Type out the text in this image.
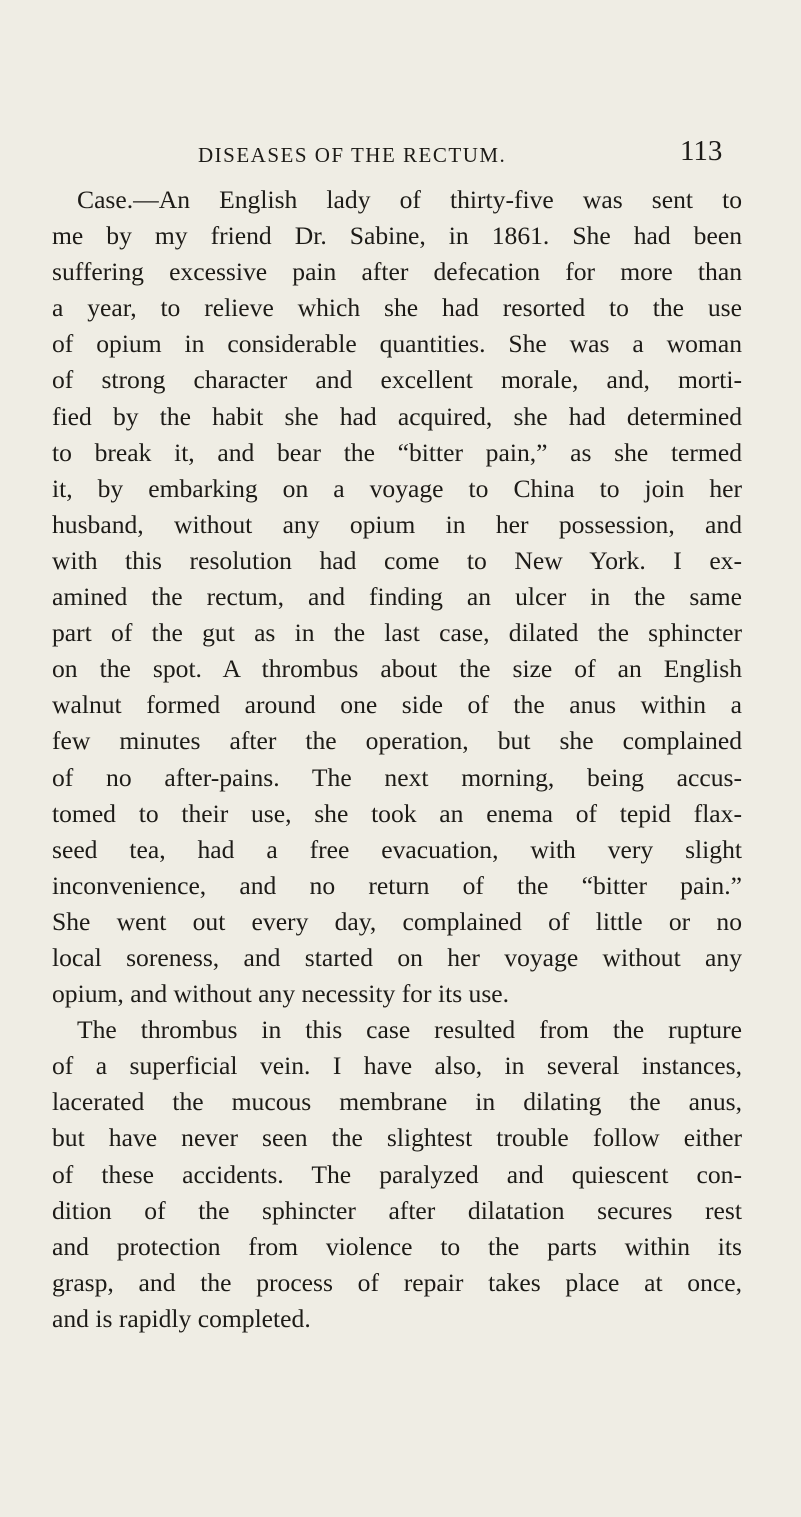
DISEASES OF THE RECTUM.	113
Case.—An English lady of thirty-five was sent to
me by my friend Dr. Sabine, in 1861. She had been
suffering excessive pain after defecation for more than
a year, to relieve which she had resorted to the use
of opium in considerable quantities. She was a woman
of strong character and excellent morale, and, morti-
fied by the habit she had acquired, she had determined
to break it, and bear the “bitter pain,” as she termed
it, by embarking on a voyage to China to join her
husband, without any opium in her possession, and
with this resolution had come to New York. I ex-
amined the rectum, and finding an ulcer in the same
part of the gut as in the last case, dilated the sphincter
on the spot. A thrombus about the size of an English
walnut formed around one side of the anus within a
few minutes after the operation, but she complained
of no after-pains. The next morning, being accus-
tomed to their use, she took an enema of tepid flax-
seed tea, had a free evacuation, with very slight
inconvenience, and no return of the “bitter pain.”
She went out every day, complained of little or no
local soreness, and started on her voyage without any
opium, and without any necessity for its use.
The thrombus in this case resulted from the rupture
of a superficial vein. I have also, in several instances,
lacerated the mucous membrane in dilating the anus,
but have never seen the slightest trouble follow either
of these accidents. The paralyzed and quiescent con-
dition of the sphincter after dilatation secures rest
and protection from violence to the parts within its
grasp, and the process of repair takes place at once,
and is rapidly completed.
